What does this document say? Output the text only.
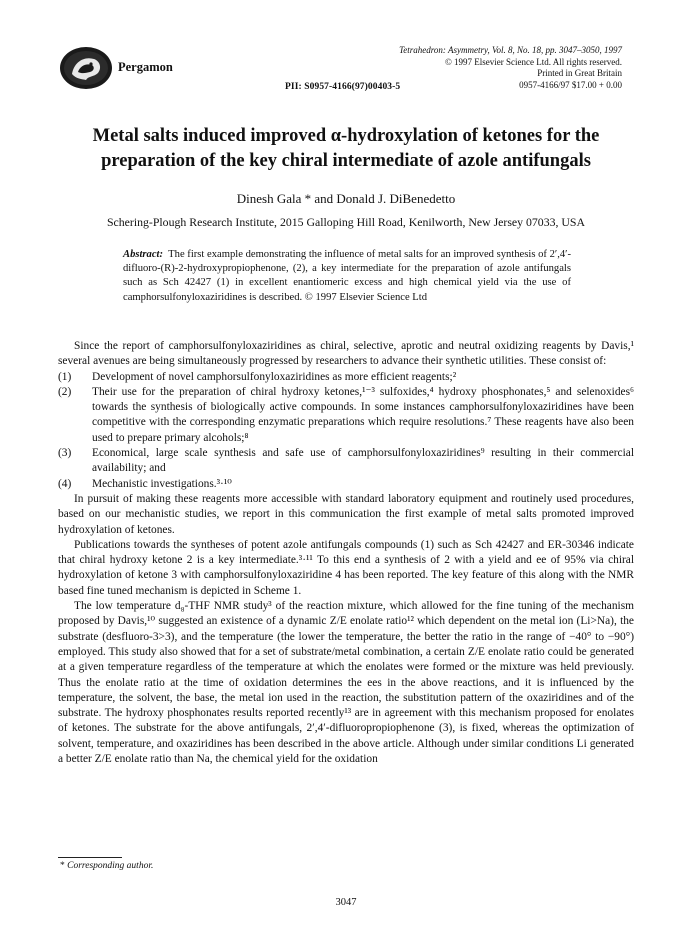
Pergamon
Tetrahedron: Asymmetry, Vol. 8, No. 18, pp. 3047–3050, 1997
© 1997 Elsevier Science Ltd. All rights reserved.
Printed in Great Britain
0957-4166/97 $17.00 + 0.00
PII: S0957-4166(97)00403-5
Metal salts induced improved α-hydroxylation of ketones for the preparation of the key chiral intermediate of azole antifungals
Dinesh Gala * and Donald J. DiBenedetto
Schering-Plough Research Institute, 2015 Galloping Hill Road, Kenilworth, New Jersey 07033, USA
Abstract: The first example demonstrating the influence of metal salts for an improved synthesis of 2′,4′-difluoro-(R)-2-hydroxypropiophenone, (2), a key intermediate for the preparation of azole antifungals such as Sch 42427 (1) in excellent enantiomeric excess and high chemical yield via the use of camphorsulfonyloxaziridines is described. © 1997 Elsevier Science Ltd

Since the report of camphorsulfonyloxaziridines as chiral, selective, aprotic and neutral oxidizing reagents by Davis,¹ several avenues are being simultaneously progressed by researchers to advance their synthetic utilities. These consist of:

(1)	Development of novel camphorsulfonyloxaziridines as more efficient reagents;²
(2)	Their use for the preparation of chiral hydroxy ketones,¹⁻³ sulfoxides,⁴ hydroxy phosphonates,⁵ and selenoxides⁶ towards the synthesis of biologically active compounds. In some instances camphorsulfonyloxaziridines have been competitive with the corresponding enzymatic preparations which require resolutions.⁷ These reagents have also been used to prepare primary alcohols;⁸
(3)	Economical, large scale synthesis and safe use of camphorsulfonyloxaziridines⁹ resulting in their commercial availability; and
(4)	Mechanistic investigations.³·¹⁰

In pursuit of making these reagents more accessible with standard laboratory equipment and routinely used procedures, based on our mechanistic studies, we report in this communication the first example of metal salts promoted improved hydroxylation of ketones.

Publications towards the syntheses of potent azole antifungals compounds (1) such as Sch 42427 and ER-30346 indicate that chiral hydroxy ketone 2 is a key intermediate.³·¹¹ To this end a synthesis of 2 with a yield and ee of 95% via chiral hydroxylation of ketone 3 with camphorsulfonyloxaziridine 4 has been reported. The key feature of this along with the NMR based fine tuned mechanism is depicted in Scheme 1.

The low temperature d₈-THF NMR study³ of the reaction mixture, which allowed for the fine tuning of the mechanism proposed by Davis,¹⁰ suggested an existence of a dynamic Z/E enolate ratio¹² which dependent on the metal ion (Li>Na), the substrate (desfluoro-3>3), and the temperature (the lower the temperature, the better the ratio in the range of −40° to −90°) employed. This study also showed that for a set of substrate/metal combination, a certain Z/E enolate ratio could be generated at a given temperature regardless of the temperature at which the enolates were formed or the mixture was held previously. Thus the enolate ratio at the time of oxidation determines the ees in the above reactions, and it is influenced by the temperature, the solvent, the base, the metal ion used in the reaction, the substitution pattern of the oxaziridines and of the substrate. The hydroxy phosphonates results reported recently¹³ are in agreement with this mechanism proposed for enolates of ketones. The substrate for the above antifungals, 2′,4′-difluoropropiophenone (3), is fixed, whereas the optimization of solvent, temperature, and oxaziridines has been described in the above article. Although under similar conditions Li generated a better Z/E enolate ratio than Na, the chemical yield for the oxidation

* Corresponding author.
3047
